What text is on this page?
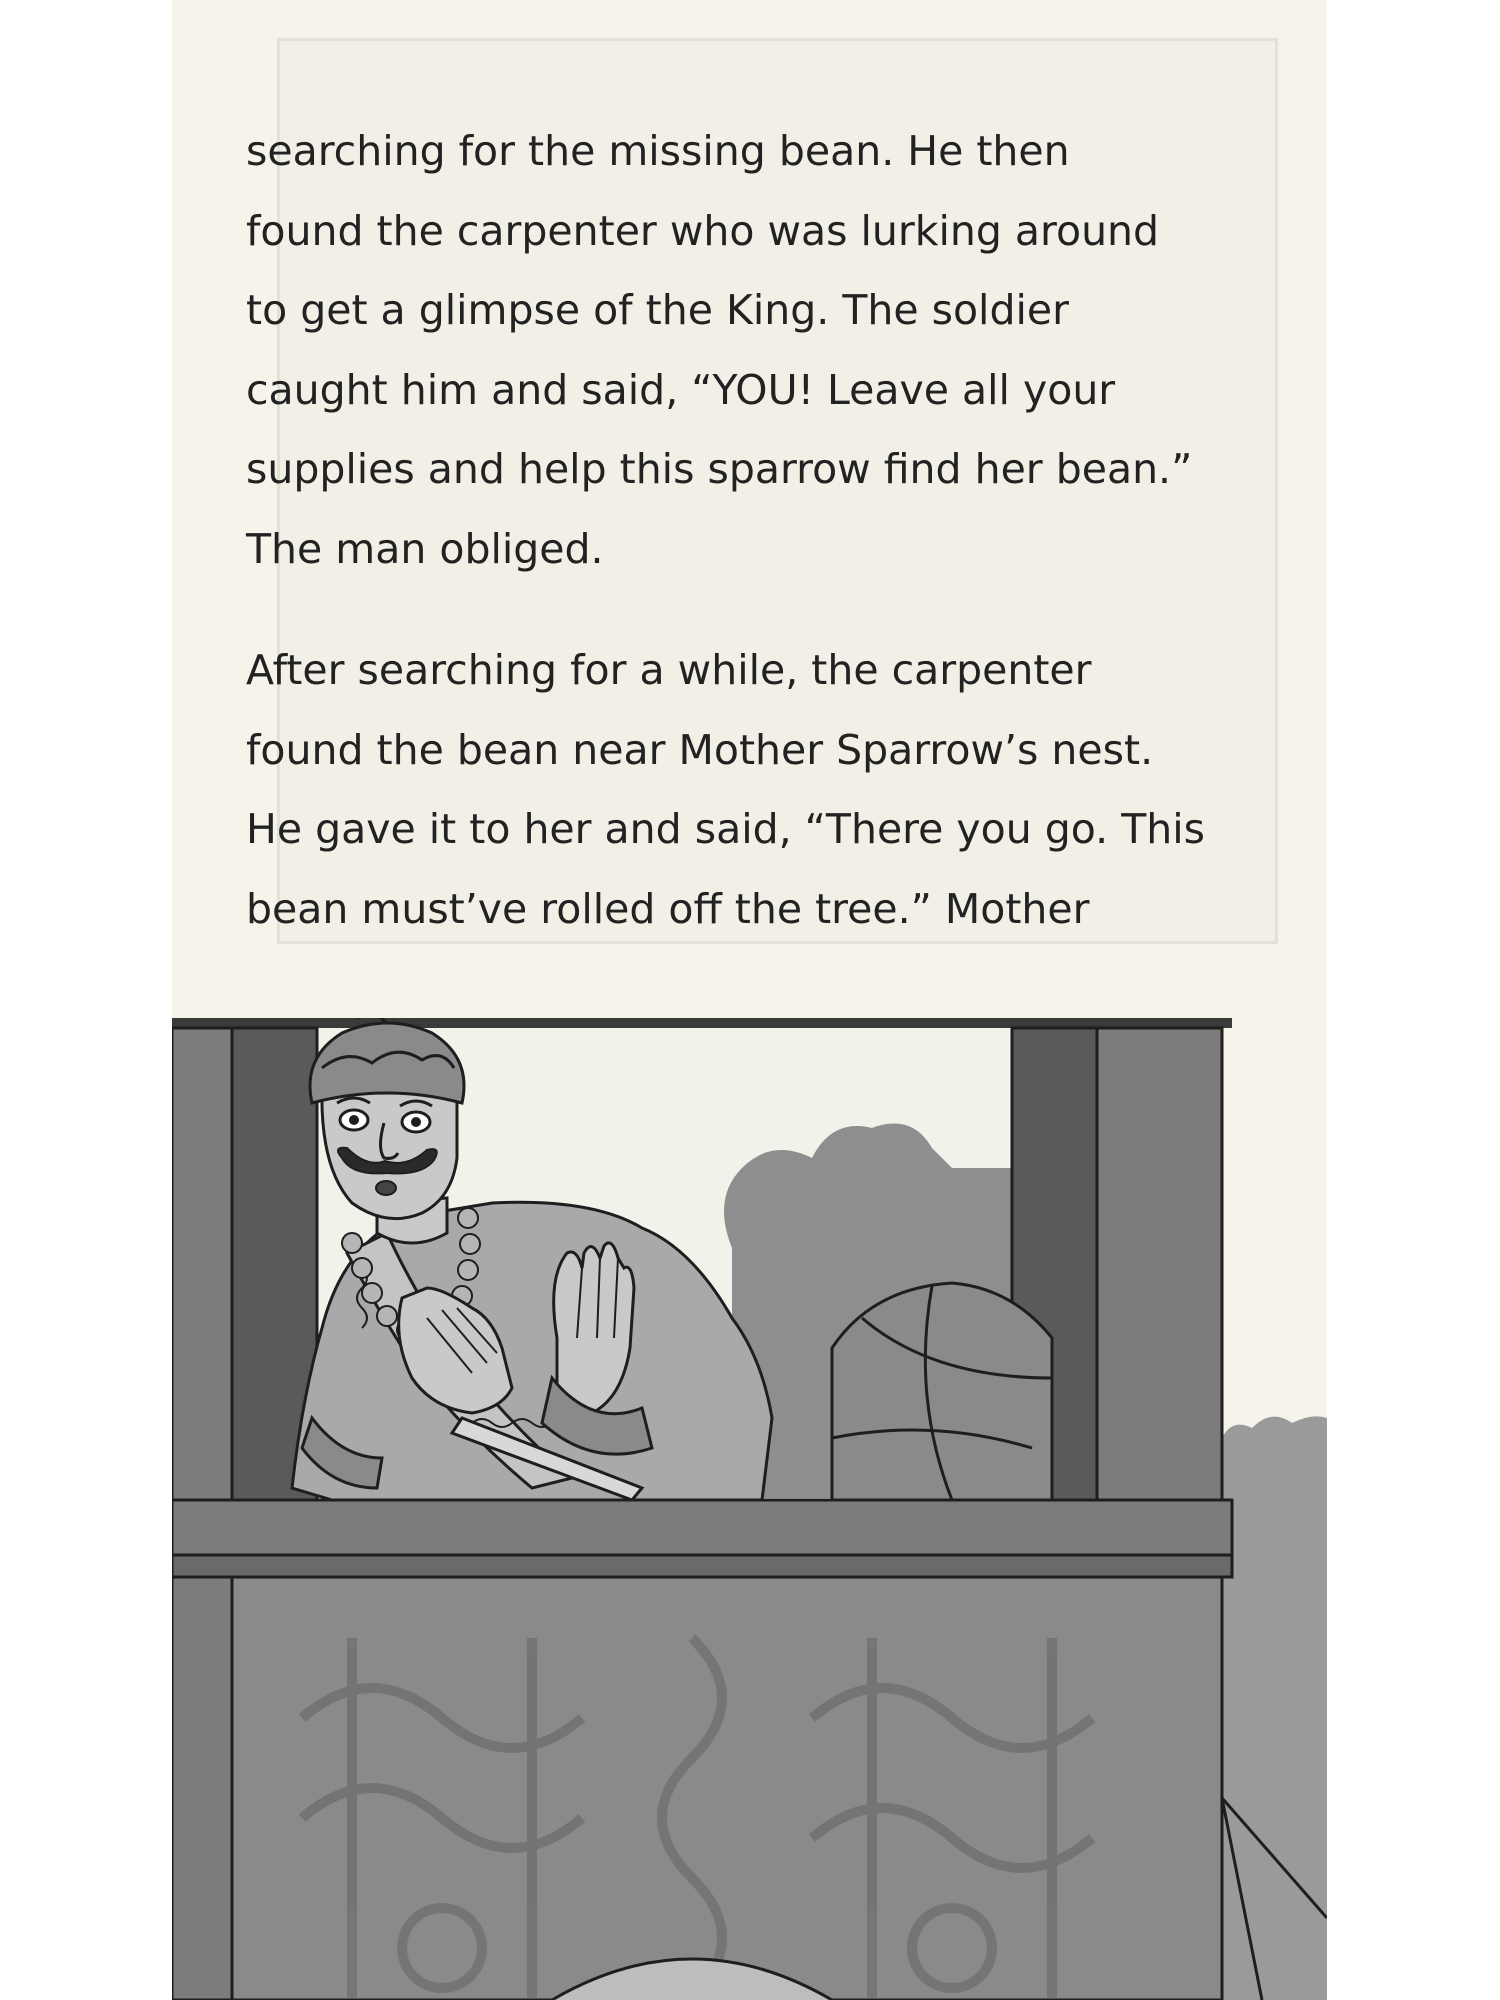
searching for the missing bean. He then

found the carpenter who was lurking around

to get a glimpse of the King. The soldier

caught him and said, “YOU! Leave all your

supplies and help this sparrow find her bean.”

The man obliged.

After searching for a while, the carpenter

found the bean near Mother Sparrow’s nest.

He gave it to her and said, “There you go. This

bean must’ve rolled off the tree.” Mother
